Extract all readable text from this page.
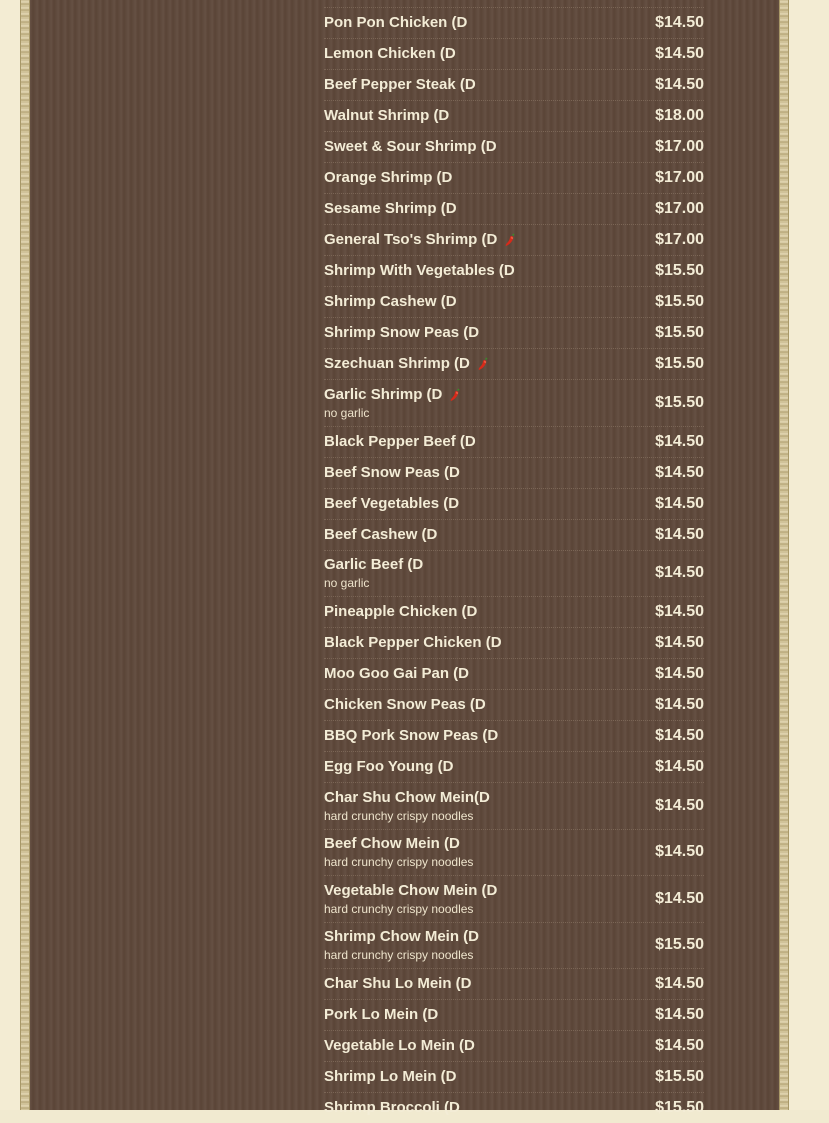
Pon Pon Chicken (D	$14.50
Lemon Chicken (D	$14.50
Beef Pepper Steak (D	$14.50
Walnut Shrimp (D	$18.00
Sweet & Sour Shrimp (D	$17.00
Orange Shrimp (D	$17.00
Sesame Shrimp (D	$17.00
General Tso's Shrimp (D	$17.00
Shrimp With Vegetables (D	$15.50
Shrimp Cashew (D	$15.50
Shrimp Snow Peas (D	$15.50
Szechuan Shrimp (D	$15.50
Garlic Shrimp (D
no garlic
$15.50
Black Pepper Beef (D	$14.50
Beef Snow Peas (D	$14.50
Beef Vegetables (D	$14.50
Beef Cashew (D	$14.50
Garlic Beef (D
no garlic
$14.50
Pineapple Chicken (D	$14.50
Black Pepper Chicken (D	$14.50
Moo Goo Gai Pan (D	$14.50
Chicken Snow Peas (D	$14.50
BBQ Pork Snow Peas (D	$14.50
Egg Foo Young (D	$14.50
Char Shu Chow Mein(D
hard crunchy crispy noodles
$14.50
Beef Chow Mein (D
hard crunchy crispy noodles
$14.50
Vegetable Chow Mein (D
hard crunchy crispy noodles
$14.50
Shrimp Chow Mein (D
hard crunchy crispy noodles
$15.50
Char Shu Lo Mein (D	$14.50
Pork Lo Mein (D	$14.50
Vegetable Lo Mein (D	$14.50
Shrimp Lo Mein (D	$15.50
Shrimp Broccoli (D	$15.50
